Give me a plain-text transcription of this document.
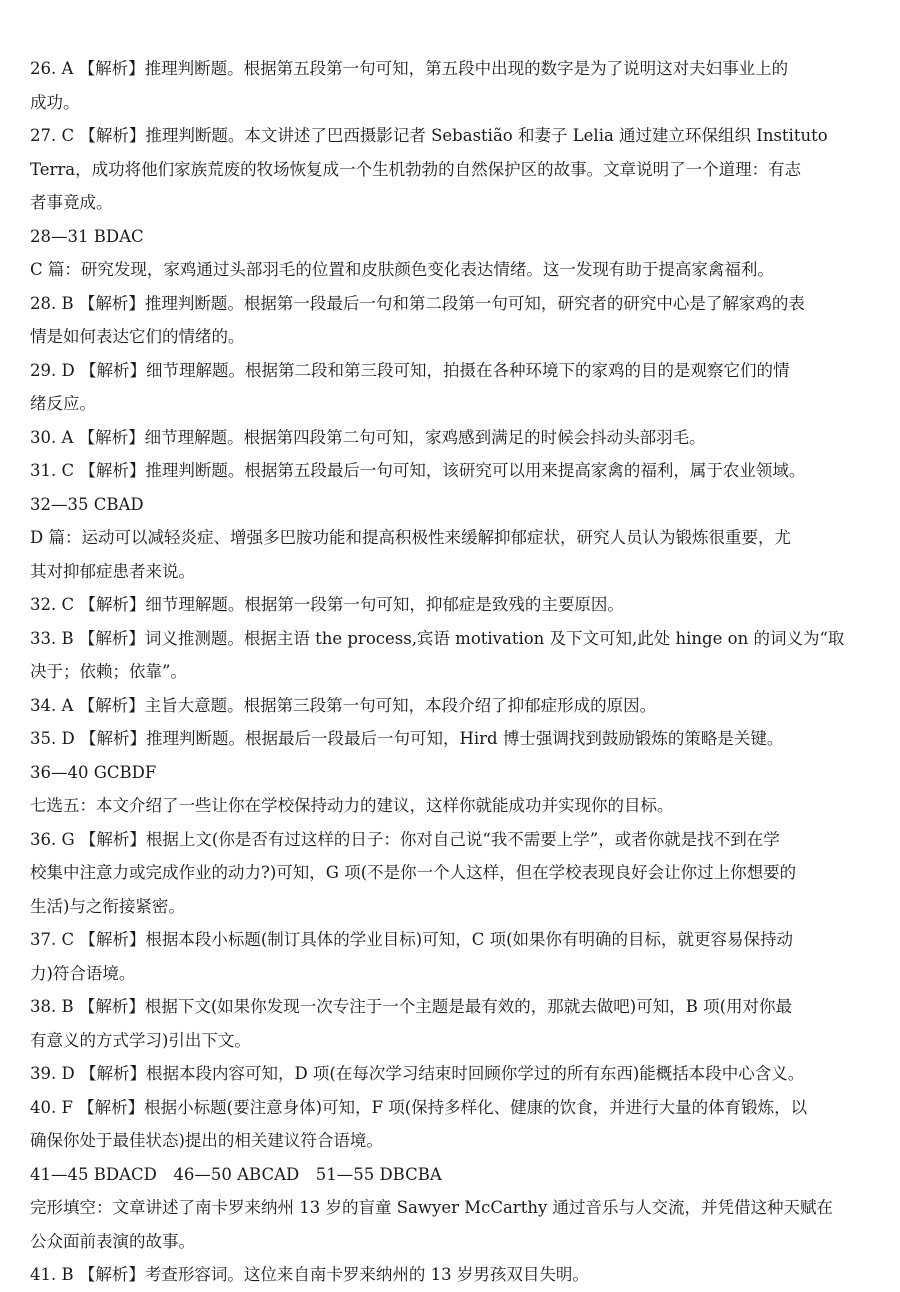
26. A 【解析】推理判断题。根据第五段第一句可知，第五段中出现的数字是为了说明这对夫妇事业上的
成功。
27. C 【解析】推理判断题。本文讲述了巴西摄影记者 Sebastião 和妻子 Lelia 通过建立环保组织 Instituto
Terra，成功将他们家族荒废的牧场恢复成一个生机勃勃的自然保护区的故事。文章说明了一个道理：有志
者事竟成。
28—31 BDAC
C 篇：研究发现，家鸡通过头部羽毛的位置和皮肤颜色变化表达情绪。这一发现有助于提高家禽福利。
28. B 【解析】推理判断题。根据第一段最后一句和第二段第一句可知，研究者的研究中心是了解家鸡的表
情是如何表达它们的情绪的。
29. D 【解析】细节理解题。根据第二段和第三段可知，拍摄在各种环境下的家鸡的目的是观察它们的情
绪反应。
30. A 【解析】细节理解题。根据第四段第二句可知，家鸡感到满足的时候会抖动头部羽毛。
31. C 【解析】推理判断题。根据第五段最后一句可知，该研究可以用来提高家禽的福利，属于农业领域。
32—35 CBAD
D 篇：运动可以减轻炎症、增强多巴胺功能和提高积极性来缓解抑郁症状，研究人员认为锻炼很重要，尤
其对抑郁症患者来说。
32. C 【解析】细节理解题。根据第一段第一句可知，抑郁症是致残的主要原因。
33. B 【解析】词义推测题。根据主语 the process,宾语 motivation 及下文可知,此处 hinge on 的词义为“取
决于；依赖；依靠”。
34. A 【解析】主旨大意题。根据第三段第一句可知，本段介绍了抑郁症形成的原因。
35. D 【解析】推理判断题。根据最后一段最后一句可知，Hird 博士强调找到鼓励锻炼的策略是关键。
36—40 GCBDF
七选五：本文介绍了一些让你在学校保持动力的建议，这样你就能成功并实现你的目标。
36. G 【解析】根据上文(你是否有过这样的日子：你对自己说“我不需要上学”，或者你就是找不到在学
校集中注意力或完成作业的动力?)可知，G 项(不是你一个人这样，但在学校表现良好会让你过上你想要的
生活)与之衔接紧密。
37. C 【解析】根据本段小标题(制订具体的学业目标)可知，C 项(如果你有明确的目标，就更容易保持动
力)符合语境。
38. B 【解析】根据下文(如果你发现一次专注于一个主题是最有效的，那就去做吧)可知，B 项(用对你最
有意义的方式学习)引出下文。
39. D 【解析】根据本段内容可知，D 项(在每次学习结束时回顾你学过的所有东西)能概括本段中心含义。
40. F 【解析】根据小标题(要注意身体)可知，F 项(保持多样化、健康的饮食，并进行大量的体育锻炼，以
确保你处于最佳状态)提出的相关建议符合语境。
41—45 BDACD　46—50 ABCAD　51—55 DBCBA
完形填空：文章讲述了南卡罗来纳州 13 岁的盲童 Sawyer McCarthy 通过音乐与人交流，并凭借这种天赋在
公众面前表演的故事。
41. B 【解析】考查形容词。这位来自南卡罗来纳州的 13 岁男孩双目失明。
